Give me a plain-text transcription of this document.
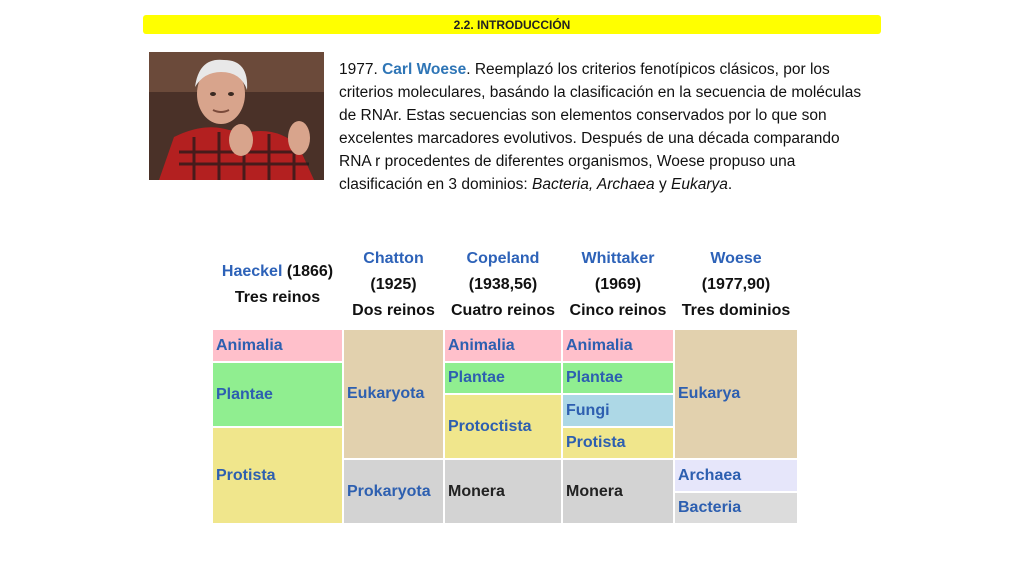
2.2. INTRODUCCIÓN
1977. Carl Woese. Reemplazó los criterios fenotípicos clásicos, por los criterios moleculares, basándo la clasificación en la secuencia de moléculas de RNAr. Estas secuencias son elementos conservados por lo que son excelentes marcadores evolutivos. Después de una década comparando RNA r procedentes de diferentes organismos, Woese propuso una clasificación en 3 dominios: Bacteria, Archaea y Eukarya.
Haeckel (1866)
Tres reinos
Chatton
(1925)
Dos reinos
Copeland
(1938,56)
Cuatro reinos
Whittaker
(1969)
Cinco reinos
Woese
(1977,90)
Tres dominios
Animalia
Plantae
Protista
Eukaryota
Prokaryota
Animalia
Plantae
Protoctista
Monera
Animalia
Plantae
Fungi
Protista
Monera
Eukarya
Archaea
Bacteria
